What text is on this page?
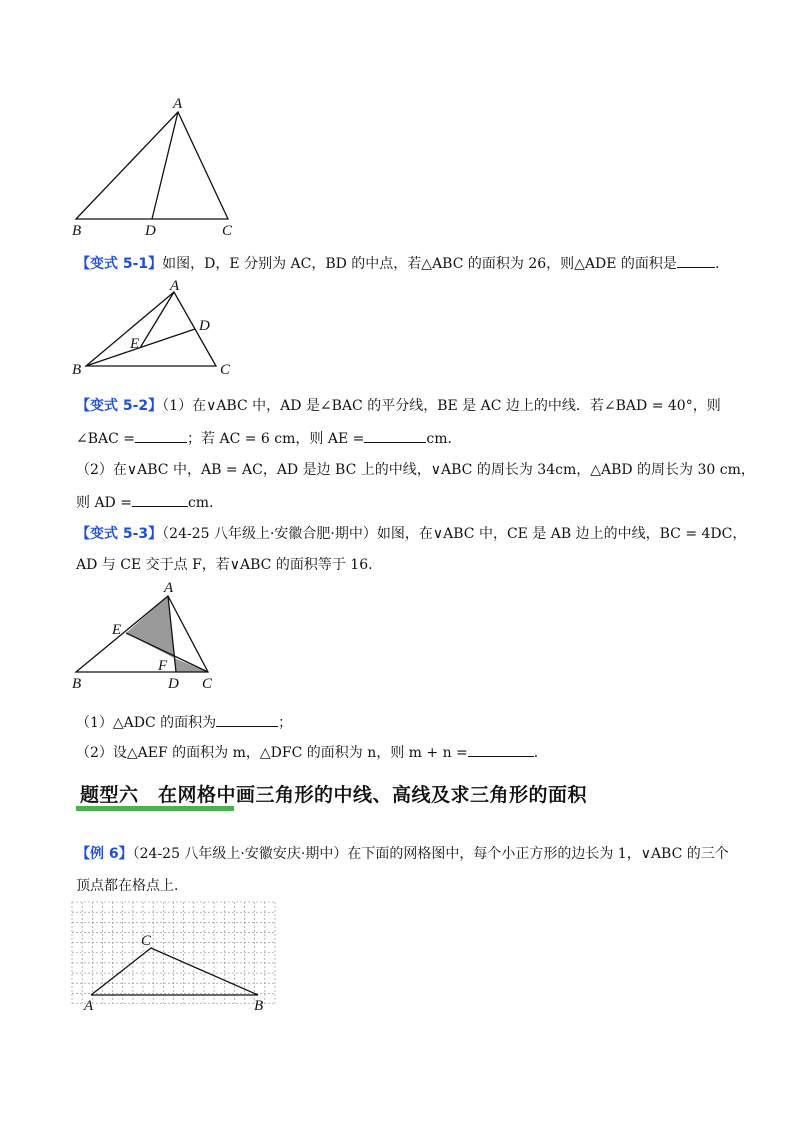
A
B	D	C
【变式 5-1】如图，D，E 分别为 AC，BD 的中点，若△ABC 的面积为 26，则△ADE 的面积是	.
A
D
E
B	C
【变式 5-2】（1）在∨ABC 中，AD 是∠BAC 的平分线，BE 是 AC 边上的中线．若∠BAD = 40°，则
∠BAC =	；若 AC = 6 cm，则 AE =	cm．
（2）在∨ABC 中，AB = AC，AD 是边 BC 上的中线，∨ABC 的周长为 34cm，△ABD 的周长为 30 cm，
则 AD =	cm．
【变式 5-3】（24-25 八年级上·安徽合肥·期中）如图，在∨ABC 中，CE 是 AB 边上的中线，BC = 4DC，
AD 与 CE 交于点 F，若∨ABC 的面积等于 16.
A
E
F
B	D C
（1）△ADC 的面积为	；
（2）设△AEF 的面积为 m，△DFC 的面积为 n，则 m + n =	.
题型六　在网格中画三角形的中线、高线及求三角形的面积
【例 6】（24-25 八年级上·安徽安庆·期中）在下面的网格图中，每个小正方形的边长为 1，∨ABC 的三个
顶点都在格点上．
C
A	B
